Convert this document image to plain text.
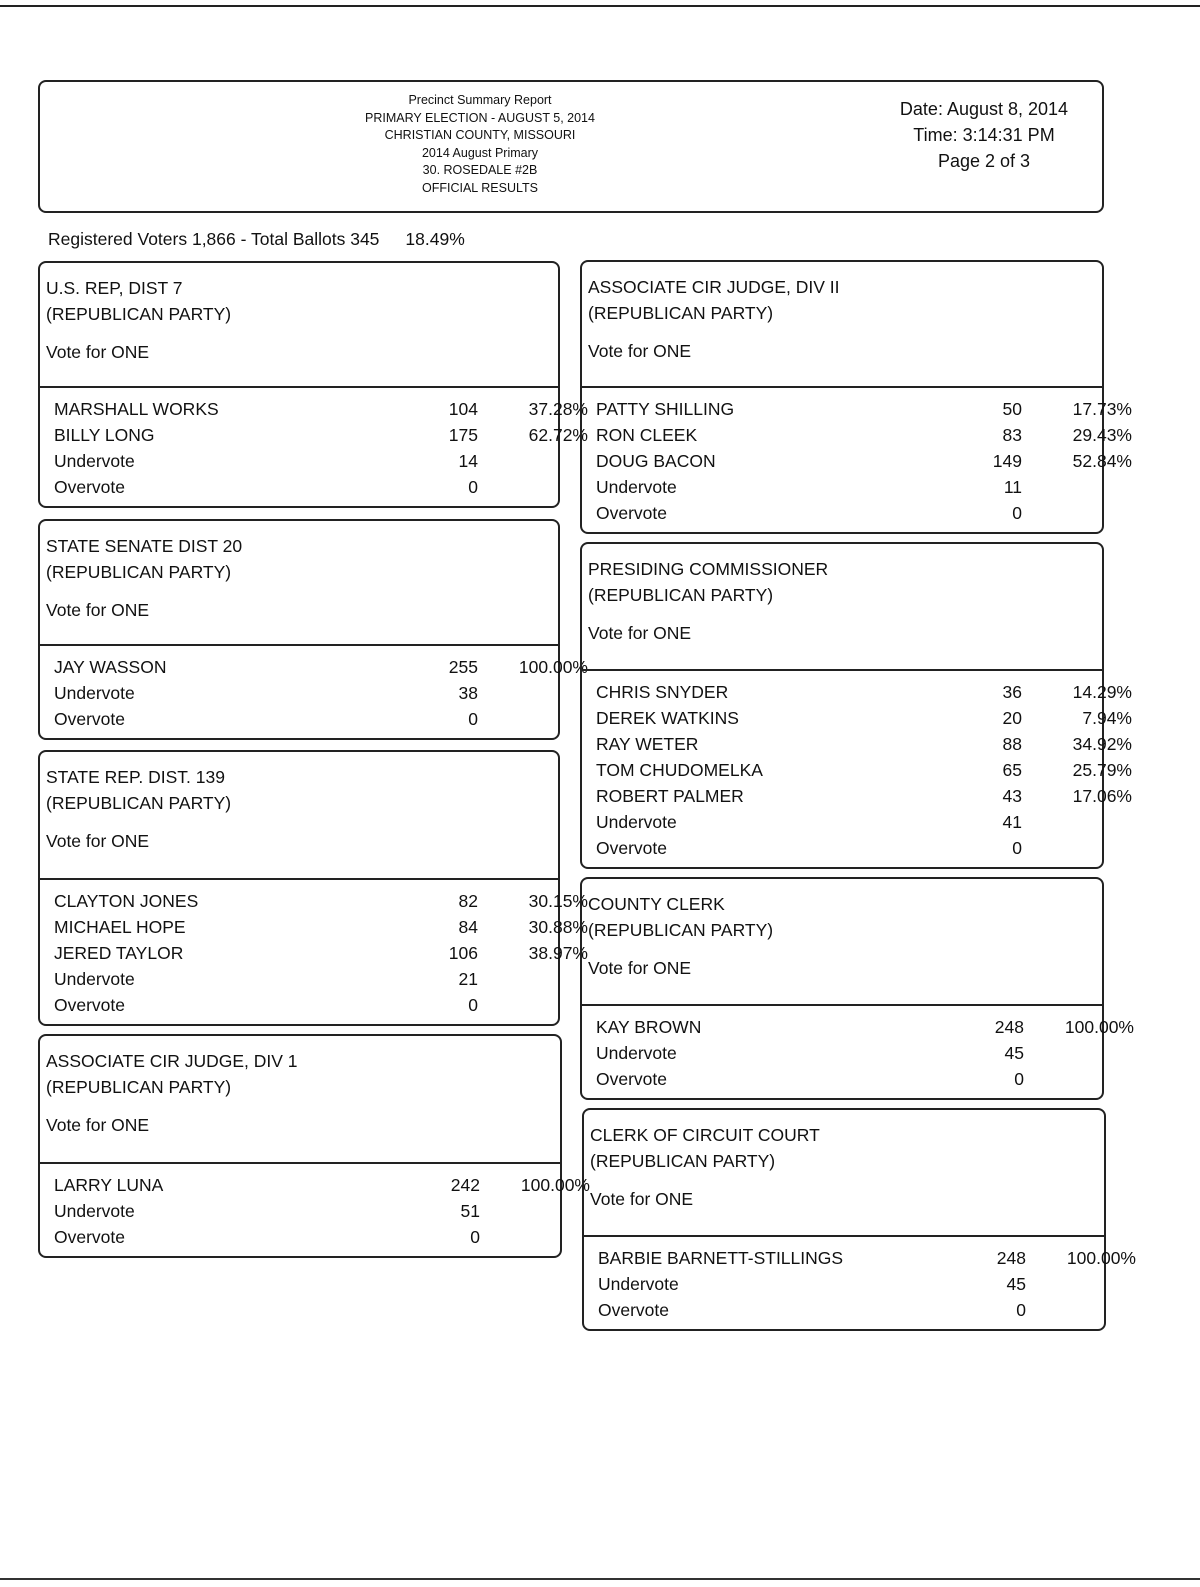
Precinct Summary Report
PRIMARY ELECTION - AUGUST 5, 2014
CHRISTIAN COUNTY, MISSOURI
2014 August Primary
30. ROSEDALE #2B
OFFICIAL RESULTS
Date: August 8, 2014
Time: 3:14:31 PM
Page 2 of 3
Registered Voters 1,866 - Total Ballots 345 18.49%
U.S. REP, DIST 7
(REPUBLICAN PARTY)
Vote for ONE
MARSHALL WORKS	104	37.28%
BILLY LONG	175	62.72%
Undervote	14
Overvote	0
STATE SENATE DIST 20
(REPUBLICAN PARTY)
Vote for ONE
JAY WASSON	255	100.00%
Undervote	38
Overvote	0
STATE REP. DIST. 139
(REPUBLICAN PARTY)
Vote for ONE
CLAYTON JONES	82	30.15%
MICHAEL HOPE	84	30.88%
JERED TAYLOR	106	38.97%
Undervote	21
Overvote	0
ASSOCIATE CIR JUDGE, DIV 1
(REPUBLICAN PARTY)
Vote for ONE
LARRY LUNA	242	100.00%
Undervote	51
Overvote	0
ASSOCIATE CIR JUDGE, DIV II
(REPUBLICAN PARTY)
Vote for ONE
PATTY SHILLING	50	17.73%
RON CLEEK	83	29.43%
DOUG BACON	149	52.84%
Undervote	11
Overvote	0
PRESIDING COMMISSIONER
(REPUBLICAN PARTY)
Vote for ONE
CHRIS SNYDER	36	14.29%
DEREK WATKINS	20	7.94%
RAY WETER	88	34.92%
TOM CHUDOMELKA	65	25.79%
ROBERT PALMER	43	17.06%
Undervote	41
Overvote	0
COUNTY CLERK
(REPUBLICAN PARTY)
Vote for ONE
KAY BROWN	248	100.00%
Undervote	45
Overvote	0
CLERK OF CIRCUIT COURT
(REPUBLICAN PARTY)
Vote for ONE
BARBIE BARNETT-STILLINGS	248	100.00%
Undervote	45
Overvote	0
